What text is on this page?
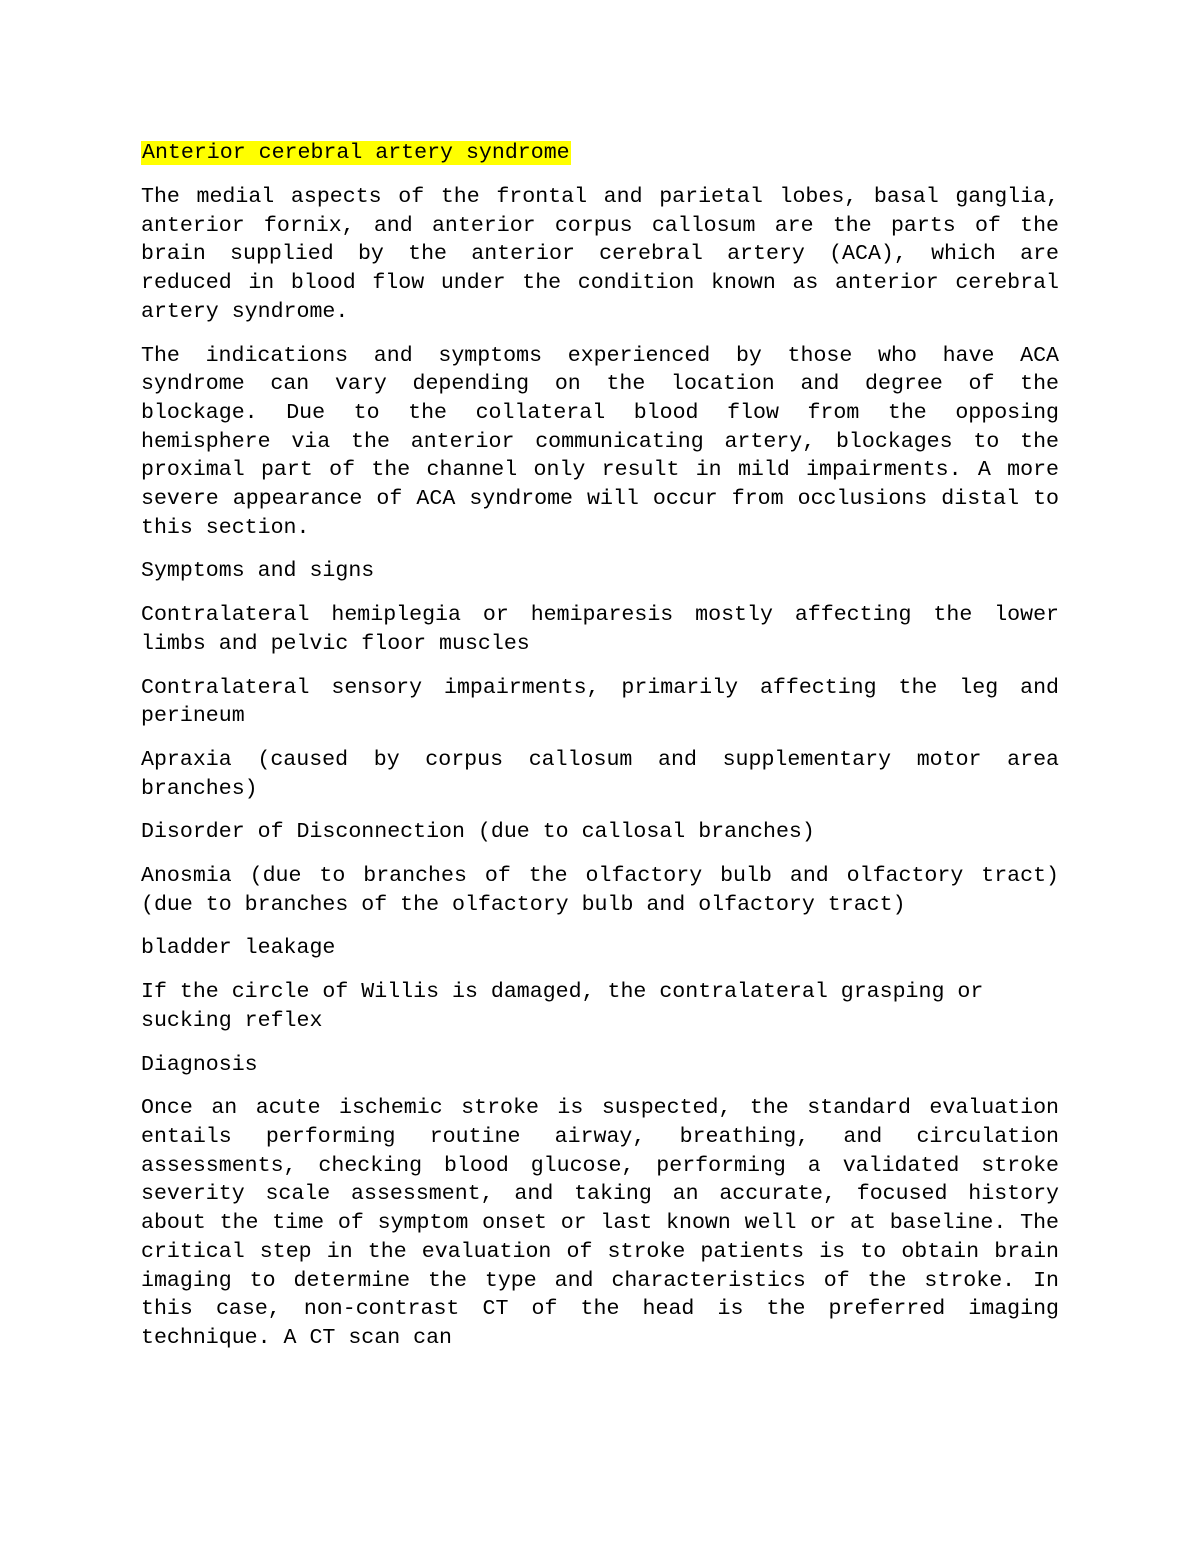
Anterior cerebral artery syndrome

The medial aspects of the frontal and parietal lobes, basal ganglia, anterior fornix, and anterior corpus callosum are the parts of the brain supplied by the anterior cerebral artery (ACA), which are reduced in blood flow under the condition known as anterior cerebral artery syndrome.

The indications and symptoms experienced by those who have ACA syndrome can vary depending on the location and degree of the blockage. Due to the collateral blood flow from the opposing hemisphere via the anterior communicating artery, blockages to the proximal part of the channel only result in mild impairments. A more severe appearance of ACA syndrome will occur from occlusions distal to this section.

Symptoms and signs

Contralateral hemiplegia or hemiparesis mostly affecting the lower limbs and pelvic floor muscles

Contralateral sensory impairments, primarily affecting the leg and perineum

Apraxia (caused by corpus callosum and supplementary motor area branches)

Disorder of Disconnection (due to callosal branches)

Anosmia (due to branches of the olfactory bulb and olfactory tract) (due to branches of the olfactory bulb and olfactory tract)

bladder leakage

If the circle of Willis is damaged, the contralateral grasping or sucking reflex

Diagnosis

Once an acute ischemic stroke is suspected, the standard evaluation entails performing routine airway, breathing, and circulation assessments, checking blood glucose, performing a validated stroke severity scale assessment, and taking an accurate, focused history about the time of symptom onset or last known well or at baseline. The critical step in the evaluation of stroke patients is to obtain brain imaging to determine the type and characteristics of the stroke. In this case, non-contrast CT of the head is the preferred imaging technique. A CT scan can
